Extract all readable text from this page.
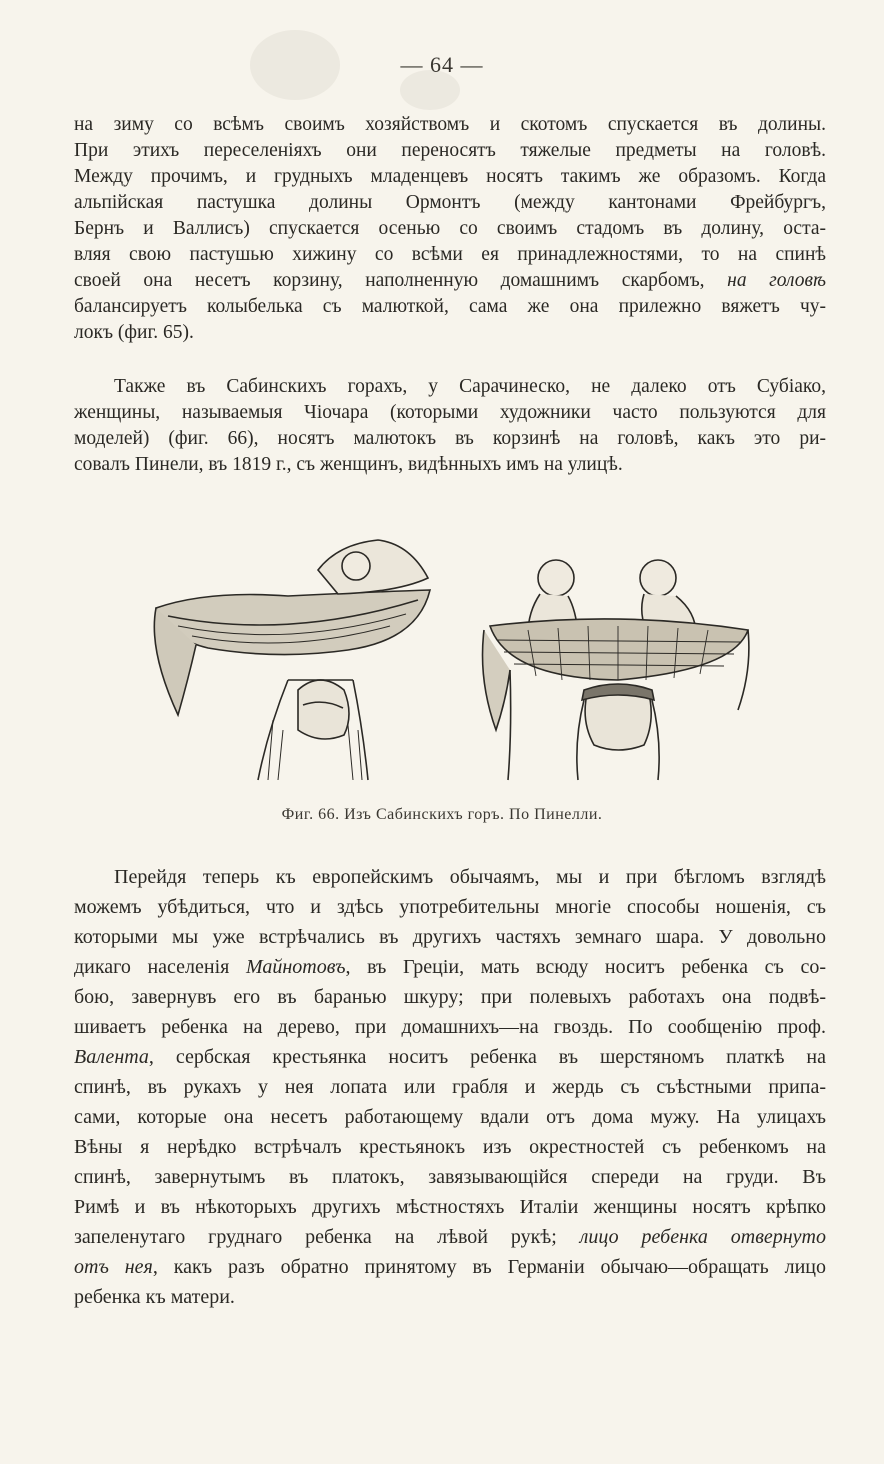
— 64 —
на зиму со всѣмъ своимъ хозяйствомъ и скотомъ спускается въ долины.
При этихъ переселеніяхъ они переносятъ тяжелые предметы на головѣ.
Между прочимъ, и грудныхъ младенцевъ носятъ такимъ же образомъ. Когда
альпійская пастушка долины Ормонтъ (между кантонами Фрейбургъ,
Бернъ и Валлисъ) спускается осенью со своимъ стадомъ въ долину, оста-
вляя свою пастушью хижину со всѣми ея принадлежностями, то на спинѣ
своей она несетъ корзину, наполненную домашнимъ скарбомъ, на головѣ
балансируетъ колыбелька съ малюткой, сама же она прилежно вяжетъ чу-
локъ (фиг. 65).
Также въ Сабинскихъ горахъ, у Сарачинеско, не далеко отъ Субіако,
женщины, называемыя Чіочара (которыми художники часто пользуются для
моделей) (фиг. 66), носятъ малютокъ въ корзинѣ на головѣ, какъ это ри-
совалъ Пинели, въ 1819 г., съ женщинъ, видѣнныхъ имъ на улицѣ.
Фиг. 66. Изъ Сабинскихъ горъ. По Пинелли.
Перейдя теперь къ европейскимъ обычаямъ, мы и при бѣгломъ взглядѣ
можемъ убѣдиться, что и здѣсь употребительны многіе способы ношенія, съ
которыми мы уже встрѣчались въ другихъ частяхъ земнаго шара. У довольно
дикаго населенія Майнотовъ, въ Греціи, мать всюду носитъ ребенка съ со-
бою, завернувъ его въ баранью шкуру; при полевыхъ работахъ она подвѣ-
шиваетъ ребенка на дерево, при домашнихъ—на гвоздь. По сообщенію проф.
Валента, сербская крестьянка носитъ ребенка въ шерстяномъ платкѣ на
спинѣ, въ рукахъ у нея лопата или грабля и жердь съ съѣстными припа-
сами, которые она несетъ работающему вдали отъ дома мужу. На улицахъ
Вѣны я нерѣдко встрѣчалъ крестьянокъ изъ окрестностей съ ребенкомъ на
спинѣ, завернутымъ въ платокъ, завязывающійся спереди на груди. Въ
Римѣ и въ нѣкоторыхъ другихъ мѣстностяхъ Италіи женщины носятъ крѣпко
запеленутаго груднаго ребенка на лѣвой рукѣ; лицо ребенка отвернуто
отъ нея, какъ разъ обратно принятому въ Германіи обычаю—обращать лицо
ребенка къ матери.
